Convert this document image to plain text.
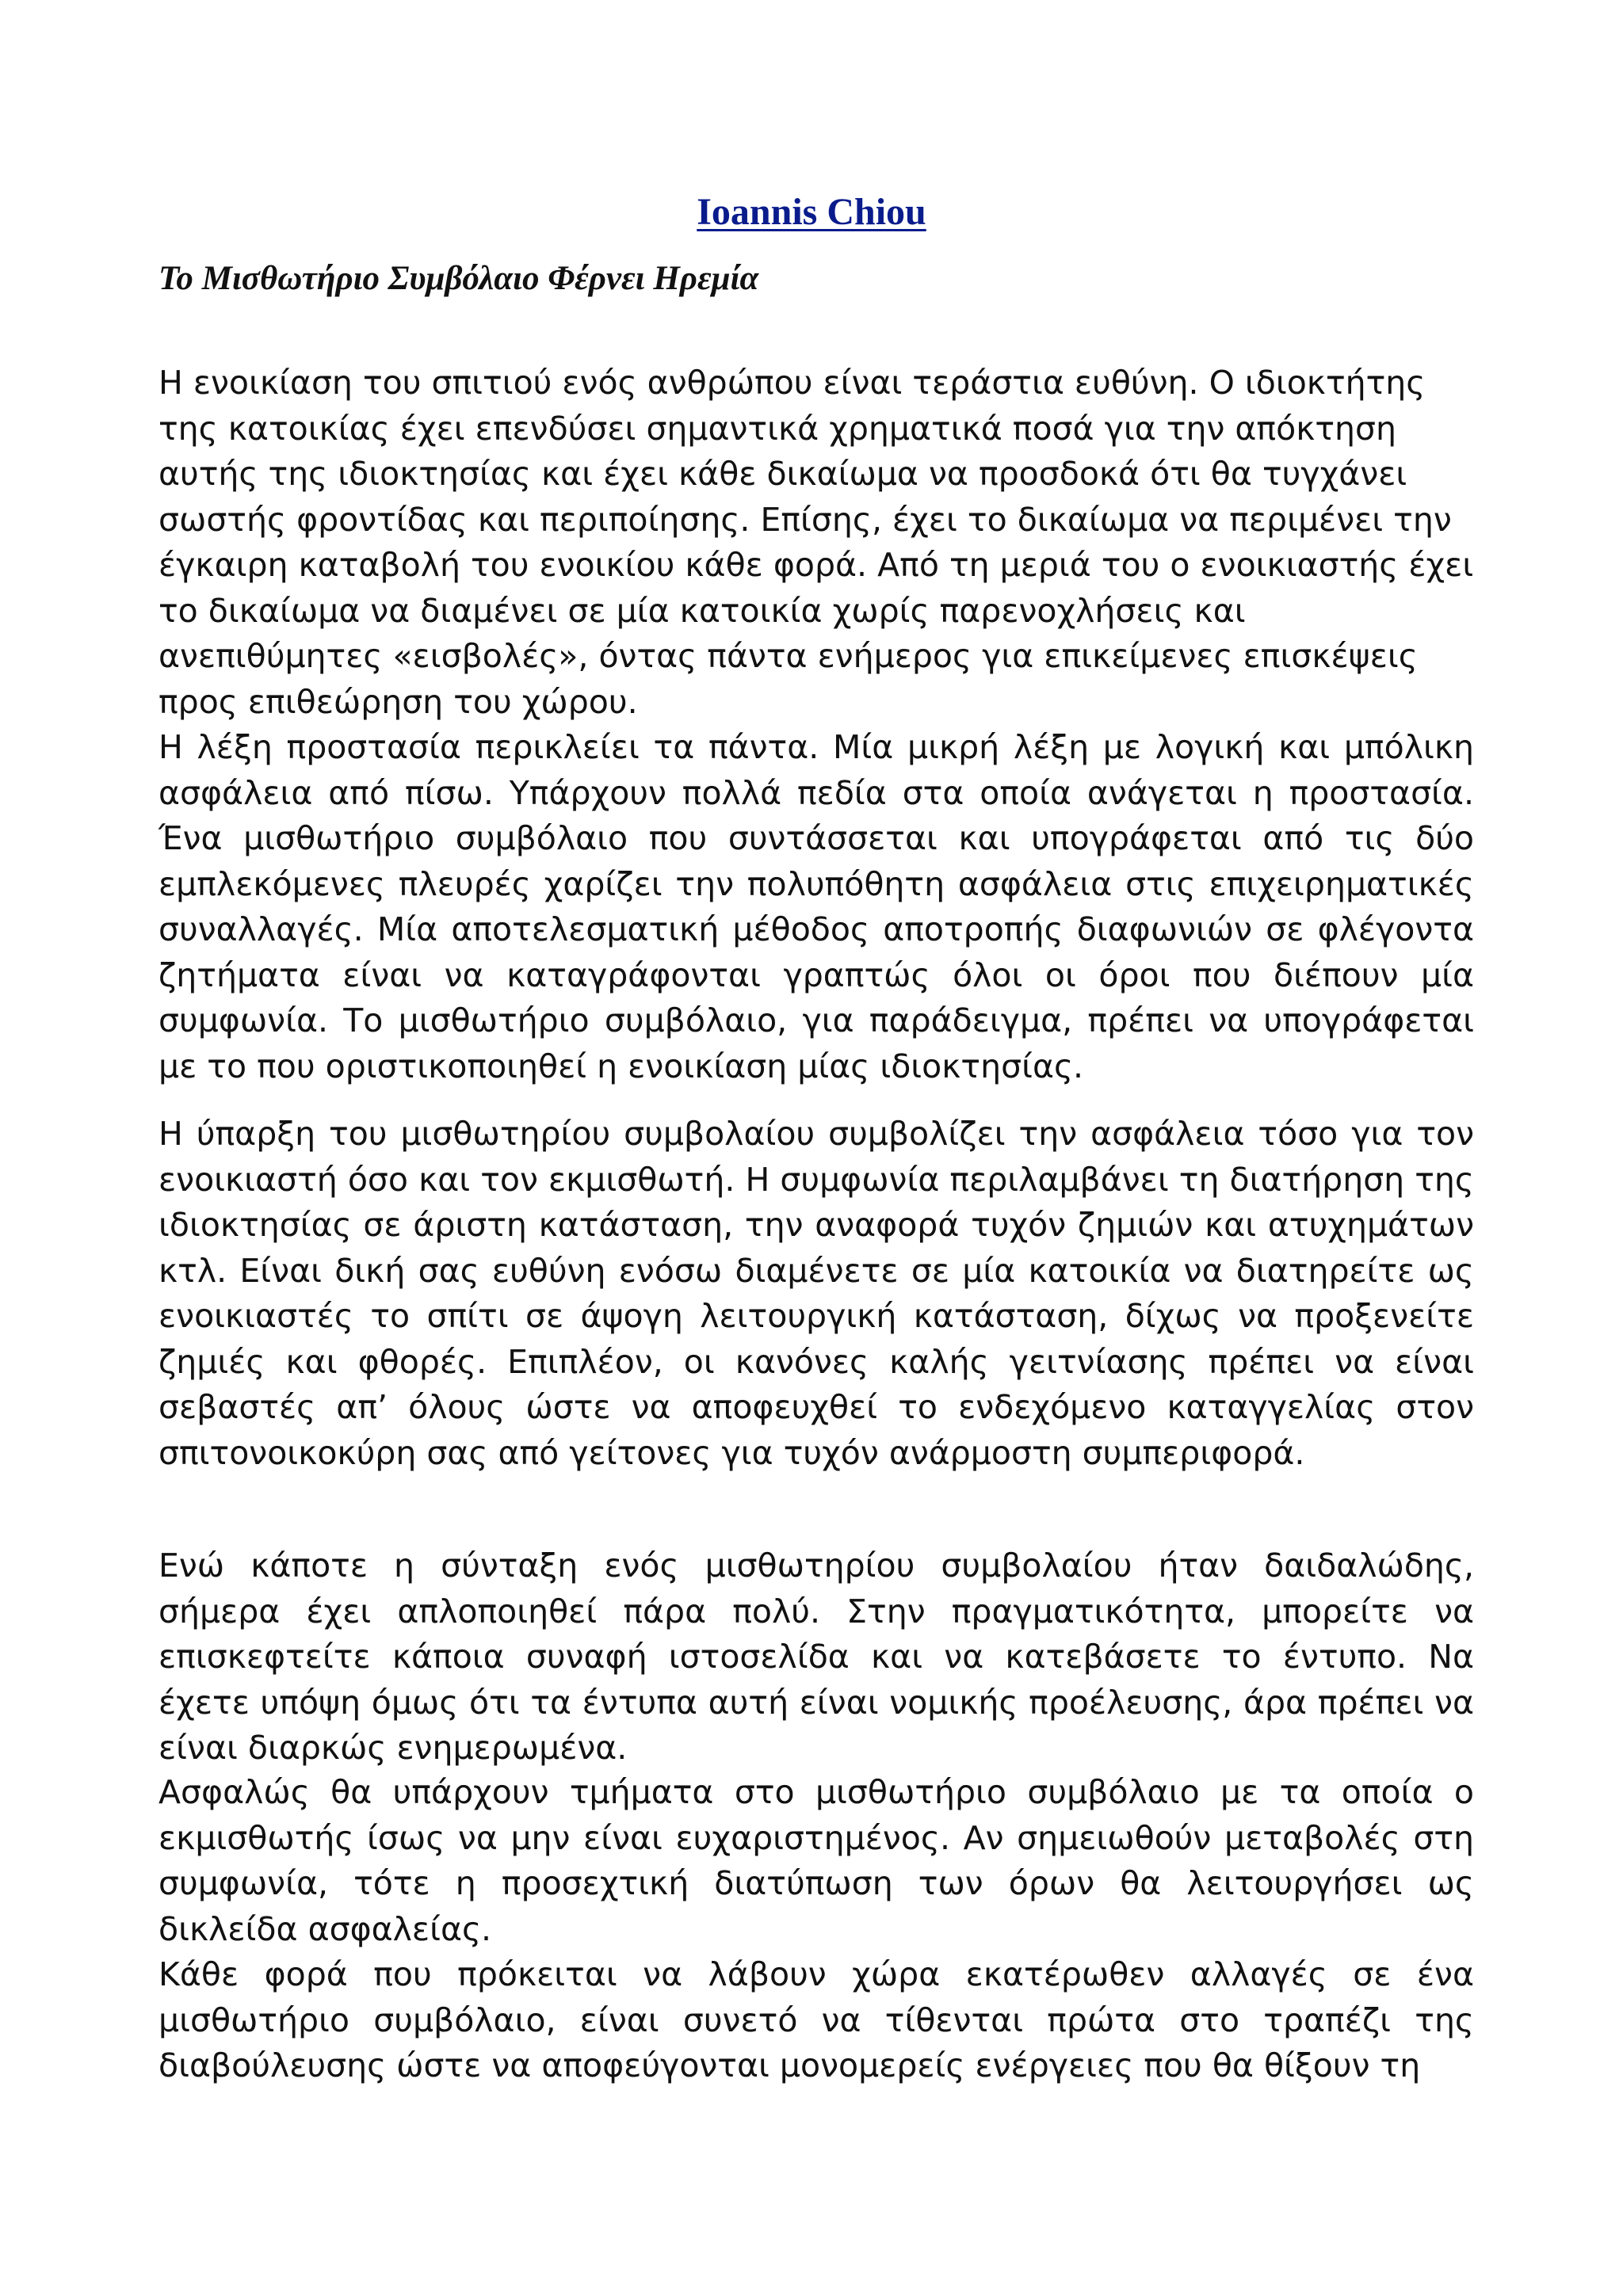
Ioannis Chiou
Το Μισθωτήριο Συμβόλαιο Φέρνει Ηρεμία

Η ενοικίαση του σπιτιού ενός ανθρώπου είναι τεράστια ευθύνη. Ο ιδιοκτήτης της κατοικίας έχει επενδύσει σημαντικά χρηματικά ποσά για την απόκτηση αυτής της ιδιοκτησίας και έχει κάθε δικαίωμα να προσδοκά ότι θα τυγχάνει σωστής φροντίδας και περιποίησης. Επίσης, έχει το δικαίωμα να περιμένει την έγκαιρη καταβολή του ενοικίου κάθε φορά. Από τη μεριά του ο ενοικιαστής έχει το δικαίωμα να διαμένει σε μία κατοικία χωρίς παρενοχλήσεις και ανεπιθύμητες «εισβολές», όντας πάντα ενήμερος για επικείμενες επισκέψεις προς επιθεώρηση του χώρου.

Η λέξη προστασία περικλείει τα πάντα. Μία μικρή λέξη με λογική και μπόλικη ασφάλεια από πίσω. Υπάρχουν πολλά πεδία στα οποία ανάγεται η προστασία. Ένα μισθωτήριο συμβόλαιο που συντάσσεται και υπογράφεται από τις δύο εμπλεκόμενες πλευρές χαρίζει την πολυπόθητη ασφάλεια στις επιχειρηματικές συναλλαγές. Μία αποτελεσματική μέθοδος αποτροπής διαφωνιών σε φλέγοντα ζητήματα είναι να καταγράφονται γραπτώς όλοι οι όροι που διέπουν μία συμφωνία. Το μισθωτήριο συμβόλαιο, για παράδειγμα, πρέπει να υπογράφεται με το που οριστικοποιηθεί η ενοικίαση μίας ιδιοκτησίας.

Η ύπαρξη του μισθωτηρίου συμβολαίου συμβολίζει την ασφάλεια τόσο για τον ενοικιαστή όσο και τον εκμισθωτή. Η συμφωνία περιλαμβάνει τη διατήρηση της ιδιοκτησίας σε άριστη κατάσταση, την αναφορά τυχόν ζημιών και ατυχημάτων κτλ. Είναι δική σας ευθύνη ενόσω διαμένετε σε μία κατοικία να διατηρείτε ως ενοικιαστές το σπίτι σε άψογη λειτουργική κατάσταση, δίχως να προξενείτε ζημιές και φθορές. Επιπλέον, οι κανόνες καλής γειτνίασης πρέπει να είναι σεβαστές απ’ όλους ώστε να αποφευχθεί το ενδεχόμενο καταγγελίας στον σπιτονοικοκύρη σας από γείτονες για τυχόν ανάρμοστη συμπεριφορά.

Ενώ κάποτε η σύνταξη ενός μισθωτηρίου συμβολαίου ήταν δαιδαλώδης, σήμερα έχει απλοποιηθεί πάρα πολύ. Στην πραγματικότητα, μπορείτε να επισκεφτείτε κάποια συναφή ιστοσελίδα και να κατεβάσετε το έντυπο. Να έχετε υπόψη όμως ότι τα έντυπα αυτή είναι νομικής προέλευσης, άρα πρέπει να είναι διαρκώς ενημερωμένα.

Ασφαλώς θα υπάρχουν τμήματα στο μισθωτήριο συμβόλαιο με τα οποία ο εκμισθωτής ίσως να μην είναι ευχαριστημένος. Αν σημειωθούν μεταβολές στη συμφωνία, τότε η προσεχτική διατύπωση των όρων θα λειτουργήσει ως δικλείδα ασφαλείας.

Κάθε φορά που πρόκειται να λάβουν χώρα εκατέρωθεν αλλαγές σε ένα μισθωτήριο συμβόλαιο, είναι συνετό να τίθενται πρώτα στο τραπέζι της διαβούλευσης ώστε να αποφεύγονται μονομερείς ενέργειες που θα θίξουν τη
